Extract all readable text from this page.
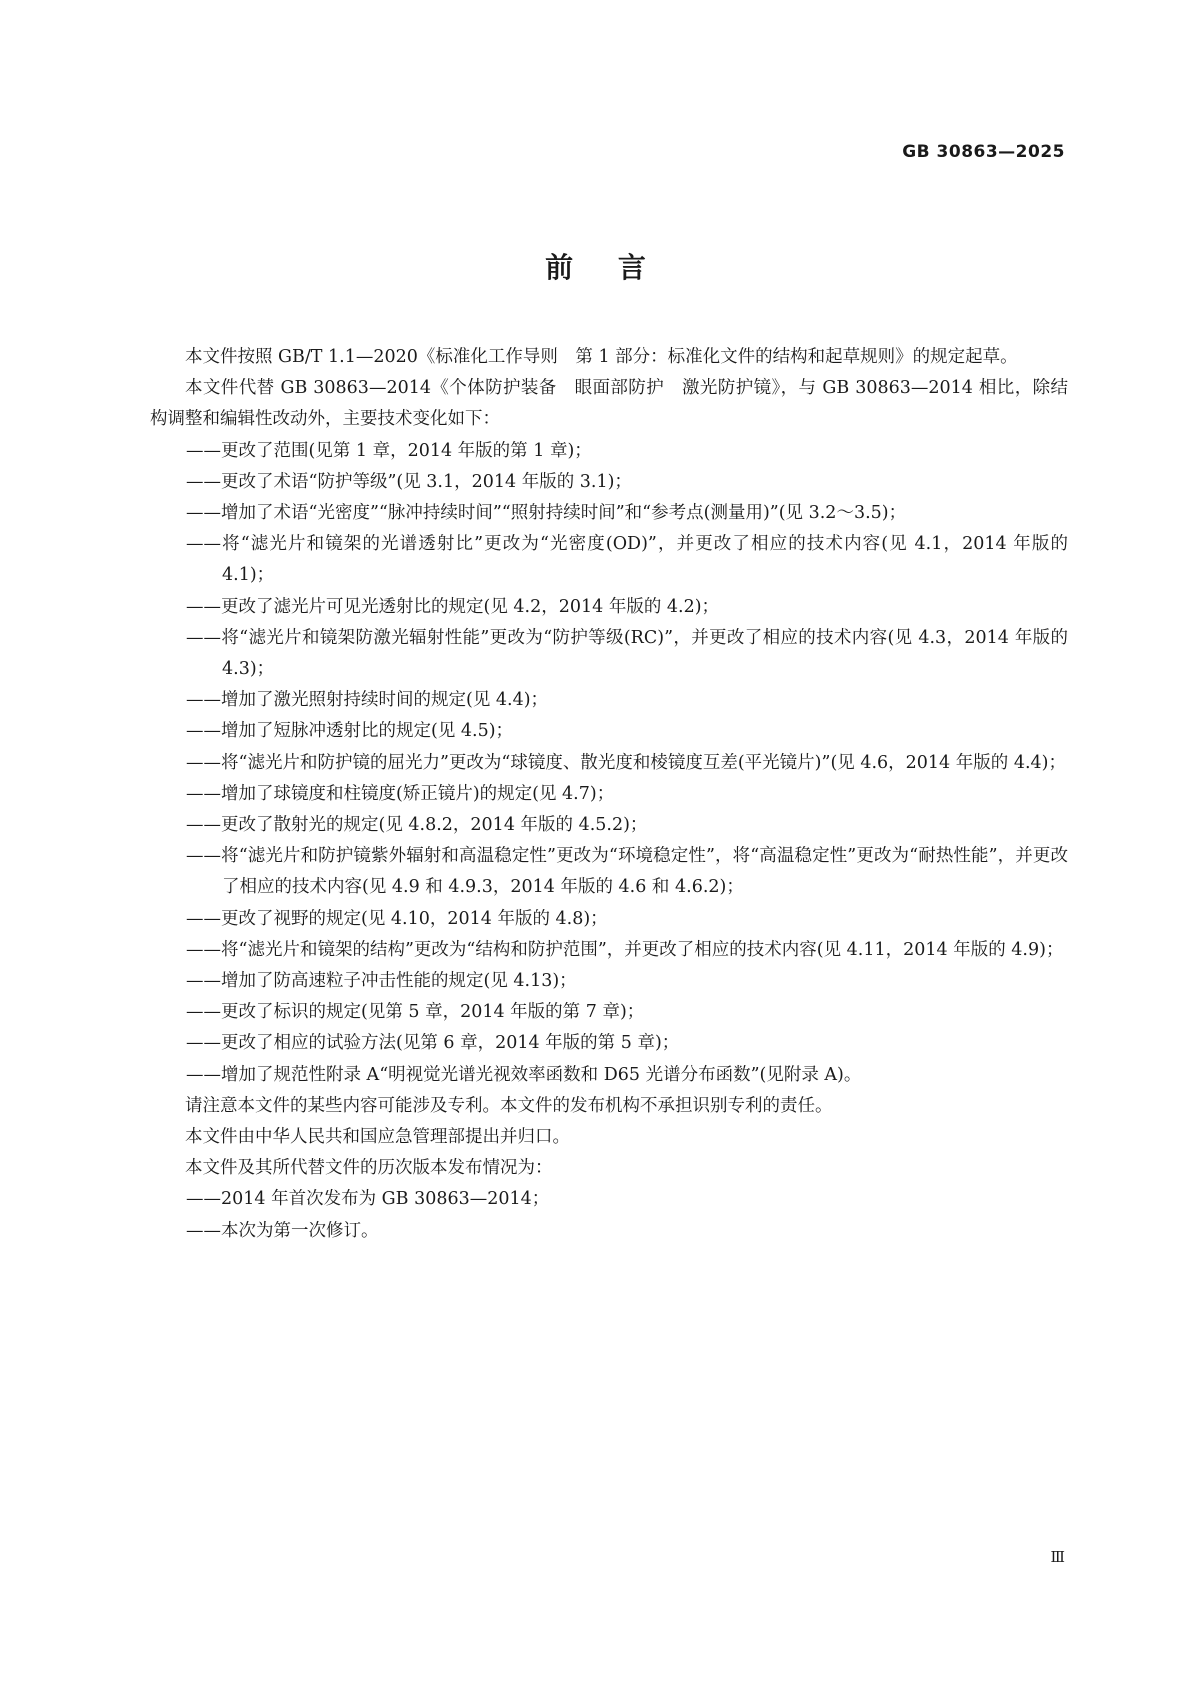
GB 30863—2025
前言

本文件按照 GB/T 1.1—2020《标准化工作导则　第 1 部分：标准化文件的结构和起草规则》的规定起草。

本文件代替 GB 30863—2014《个体防护装备　眼面部防护　激光防护镜》，与 GB 30863—2014 相比，除结构调整和编辑性改动外，主要技术变化如下：

——更改了范围(见第 1 章，2014 年版的第 1 章)；

——更改了术语“防护等级”(见 3.1，2014 年版的 3.1)；

——增加了术语“光密度”“脉冲持续时间”“照射持续时间”和“参考点(测量用)”(见 3.2～3.5)；

——将“滤光片和镜架的光谱透射比”更改为“光密度(OD)”，并更改了相应的技术内容(见 4.1，2014 年版的 4.1)；

——更改了滤光片可见光透射比的规定(见 4.2，2014 年版的 4.2)；

——将“滤光片和镜架防激光辐射性能”更改为“防护等级(RC)”，并更改了相应的技术内容(见 4.3，2014 年版的 4.3)；

——增加了激光照射持续时间的规定(见 4.4)；

——增加了短脉冲透射比的规定(见 4.5)；

——将“滤光片和防护镜的屈光力”更改为“球镜度、散光度和棱镜度互差(平光镜片)”(见 4.6，2014 年版的 4.4)；

——增加了球镜度和柱镜度(矫正镜片)的规定(见 4.7)；

——更改了散射光的规定(见 4.8.2，2014 年版的 4.5.2)；

——将“滤光片和防护镜紫外辐射和高温稳定性”更改为“环境稳定性”，将“高温稳定性”更改为“耐热性能”，并更改了相应的技术内容(见 4.9 和 4.9.3，2014 年版的 4.6 和 4.6.2)；

——更改了视野的规定(见 4.10，2014 年版的 4.8)；

——将“滤光片和镜架的结构”更改为“结构和防护范围”，并更改了相应的技术内容(见 4.11，2014 年版的 4.9)；

——增加了防高速粒子冲击性能的规定(见 4.13)；

——更改了标识的规定(见第 5 章，2014 年版的第 7 章)；

——更改了相应的试验方法(见第 6 章，2014 年版的第 5 章)；

——增加了规范性附录 A“明视觉光谱光视效率函数和 D65 光谱分布函数”(见附录 A)。

请注意本文件的某些内容可能涉及专利。本文件的发布机构不承担识别专利的责任。

本文件由中华人民共和国应急管理部提出并归口。

本文件及其所代替文件的历次版本发布情况为：

——2014 年首次发布为 GB 30863—2014；

——本次为第一次修订。

Ⅲ
